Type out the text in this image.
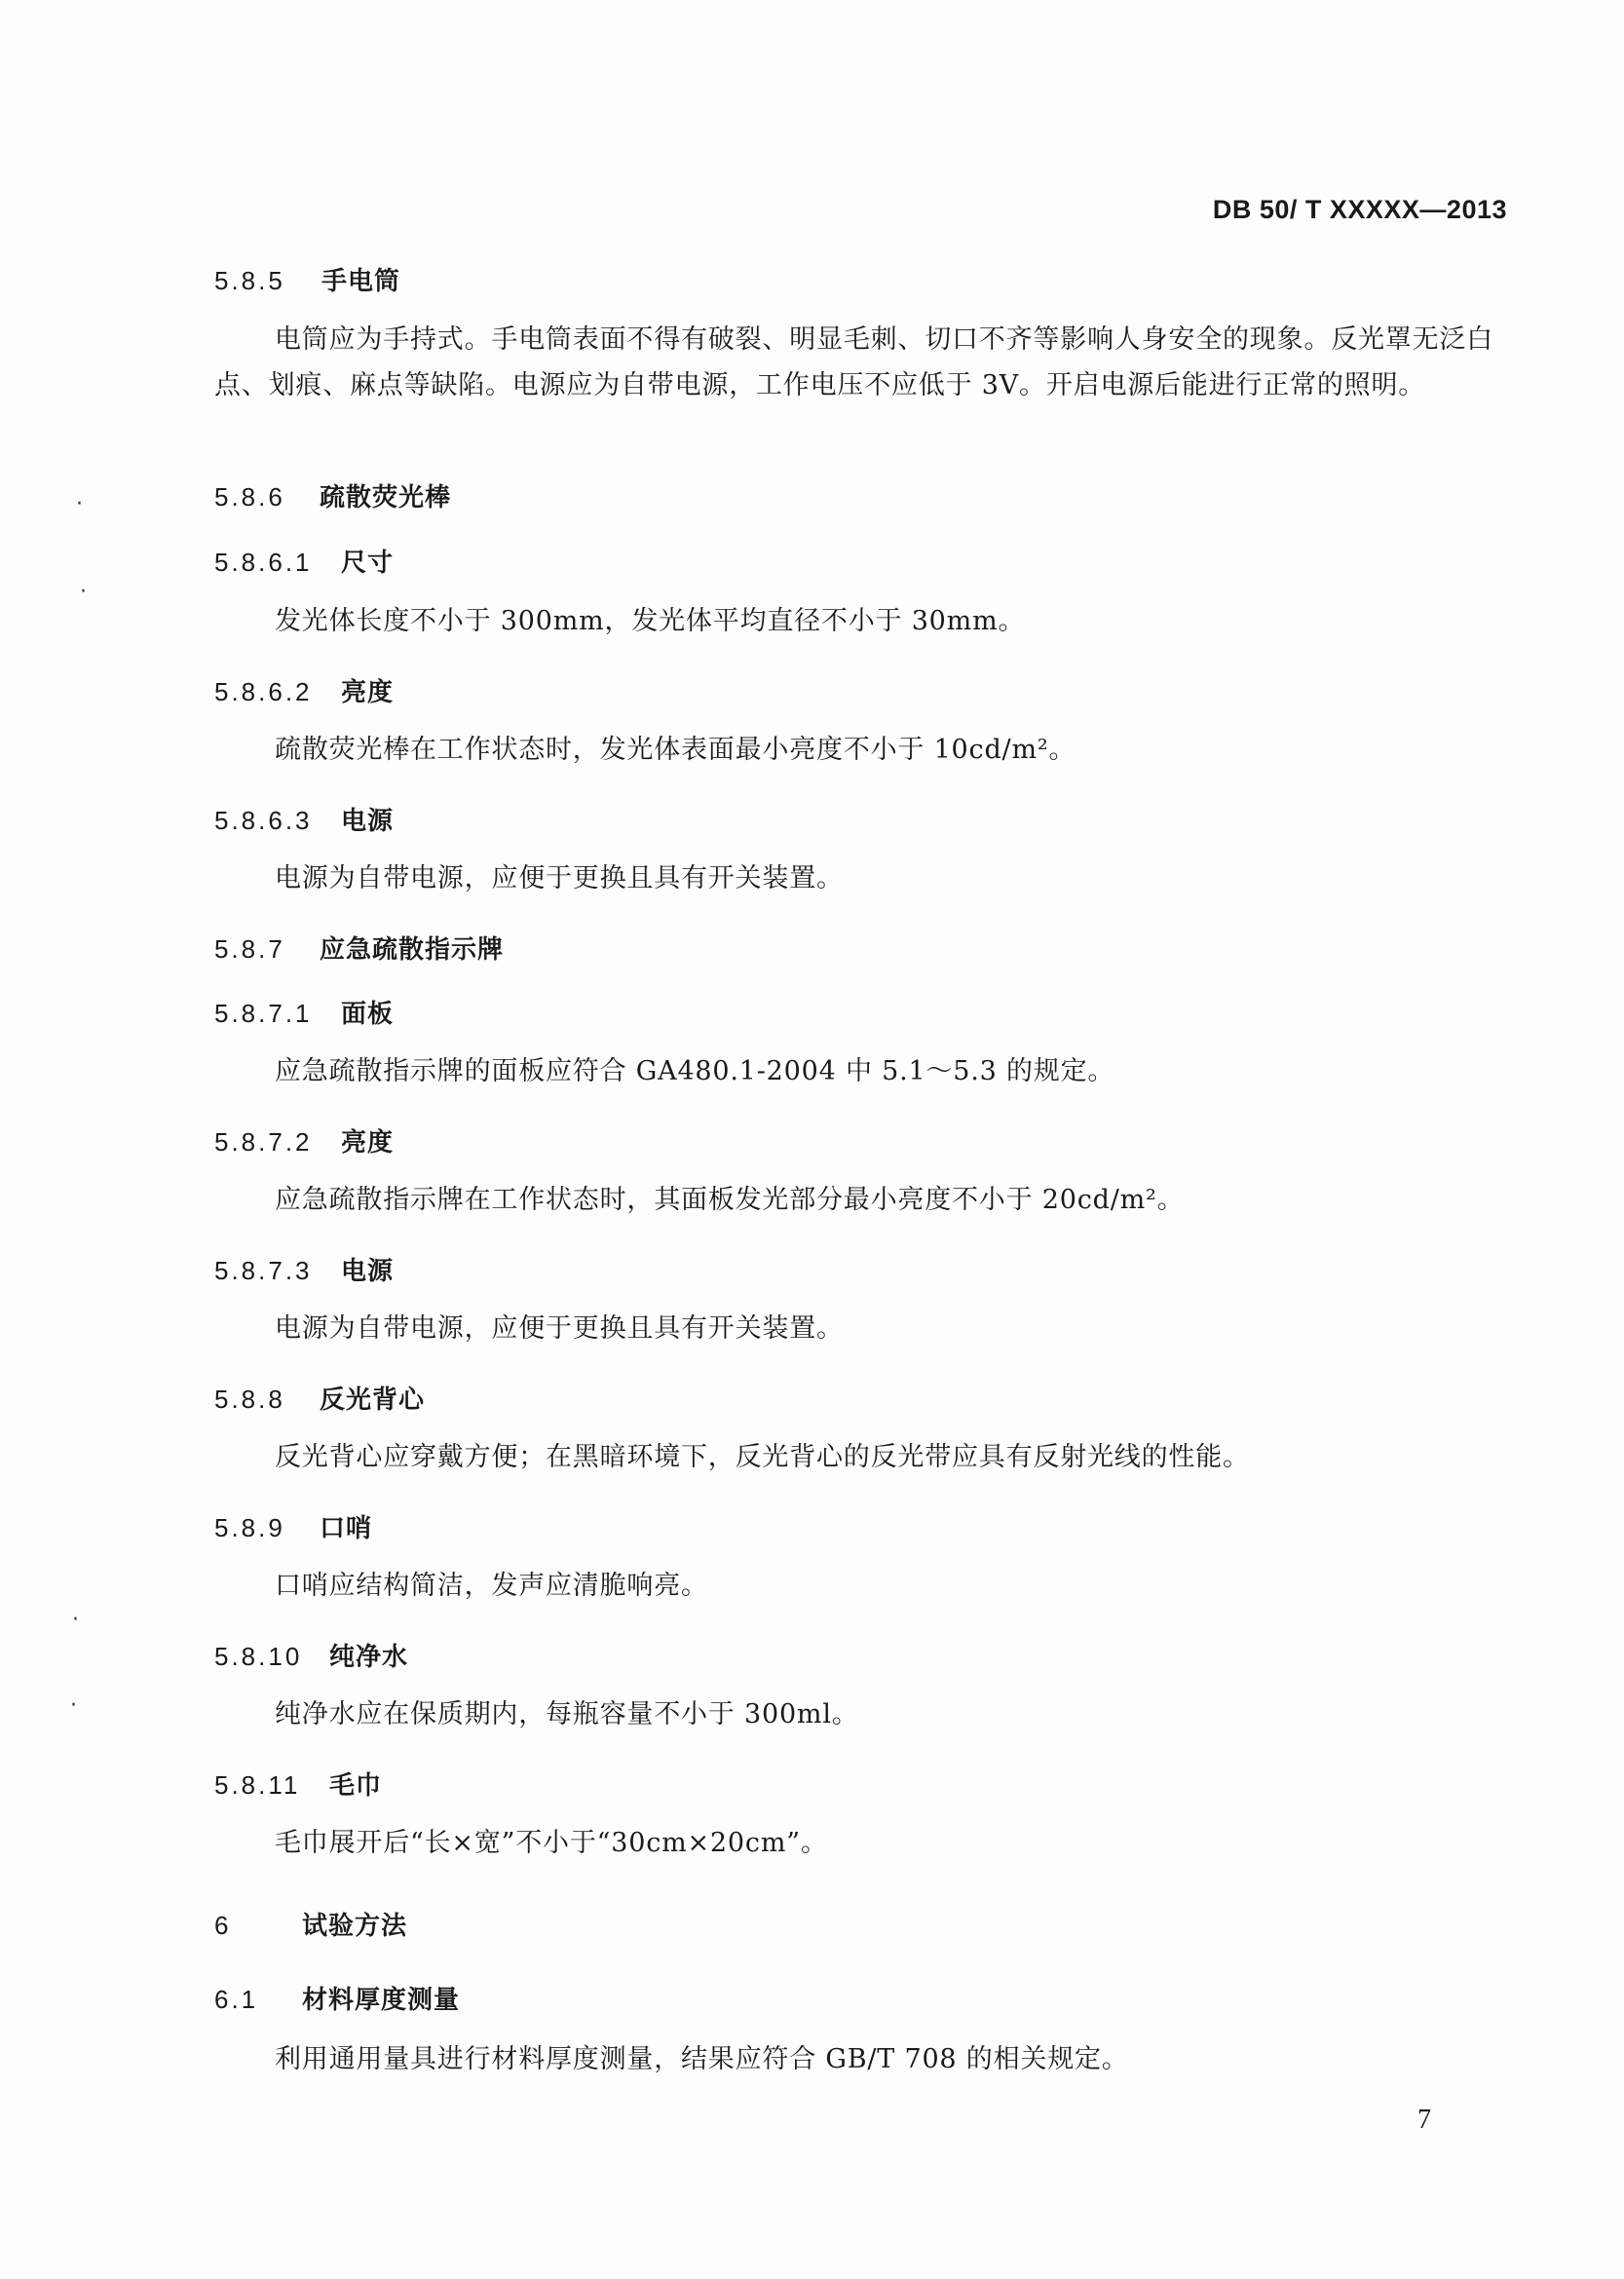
DB 50/ T XXXXX—2013
5.8.5 手电筒
电筒应为手持式。手电筒表面不得有破裂、明显毛刺、切口不齐等影响人身安全的现象。反光罩无泛白点、划痕、麻点等缺陷。电源应为自带电源，工作电压不应低于 3V。开启电源后能进行正常的照明。
5.8.6 疏散荧光棒
5.8.6.1 尺寸
发光体长度不小于 300mm，发光体平均直径不小于 30mm。
5.8.6.2 亮度
疏散荧光棒在工作状态时，发光体表面最小亮度不小于 10cd/m²。
5.8.6.3 电源
电源为自带电源，应便于更换且具有开关装置。
5.8.7 应急疏散指示牌
5.8.7.1 面板
应急疏散指示牌的面板应符合 GA480.1-2004 中 5.1～5.3 的规定。
5.8.7.2 亮度
应急疏散指示牌在工作状态时，其面板发光部分最小亮度不小于 20cd/m²。
5.8.7.3 电源
电源为自带电源，应便于更换且具有开关装置。
5.8.8 反光背心
反光背心应穿戴方便；在黑暗环境下，反光背心的反光带应具有反射光线的性能。
5.8.9 口哨
口哨应结构简洁，发声应清脆响亮。
5.8.10 纯净水
纯净水应在保质期内，每瓶容量不小于 300ml。
5.8.11 毛巾
毛巾展开后“长×宽”不小于“30cm×20cm”。
6	试验方法
6.1 材料厚度测量
利用通用量具进行材料厚度测量，结果应符合 GB/T 708 的相关规定。
7
·
·
·
·
